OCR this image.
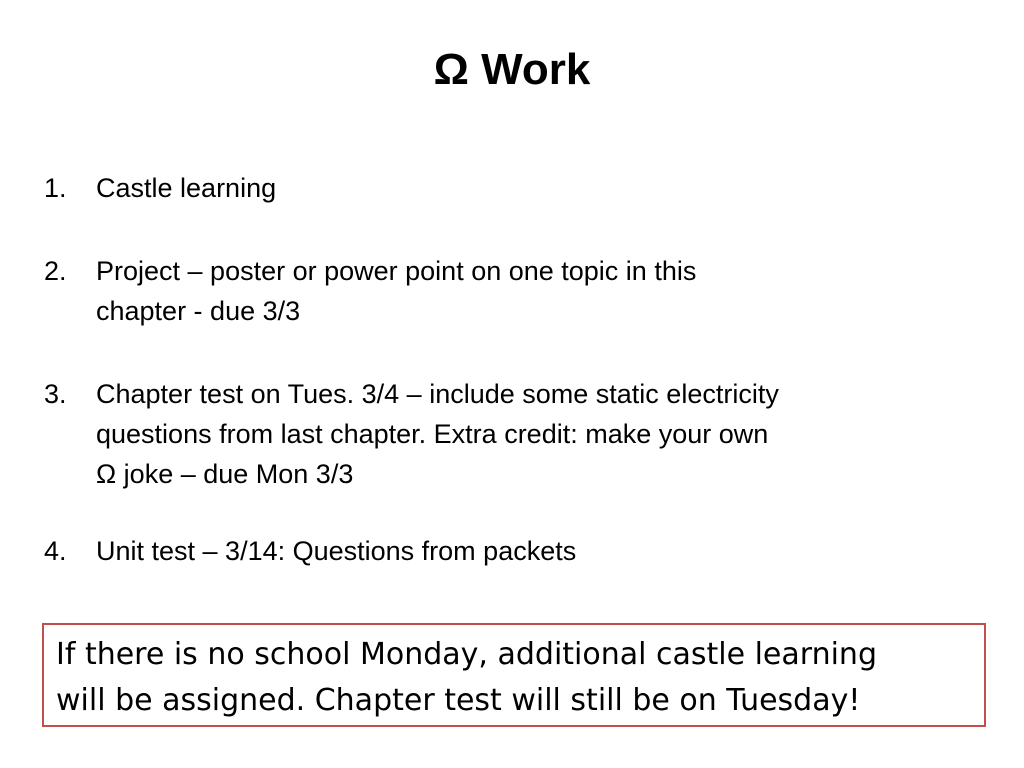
Ω Work
1. Castle learning
2. Project – poster or power point on one topic in this
chapter - due 3/3
3. Chapter test on Tues. 3/4 – include some static electricity
questions from last chapter. Extra credit: make your own
Ω joke – due Mon 3/3
4. Unit test – 3/14: Questions from packets
If there is no school Monday, additional castle learning
will be assigned. Chapter test will still be on Tuesday!
